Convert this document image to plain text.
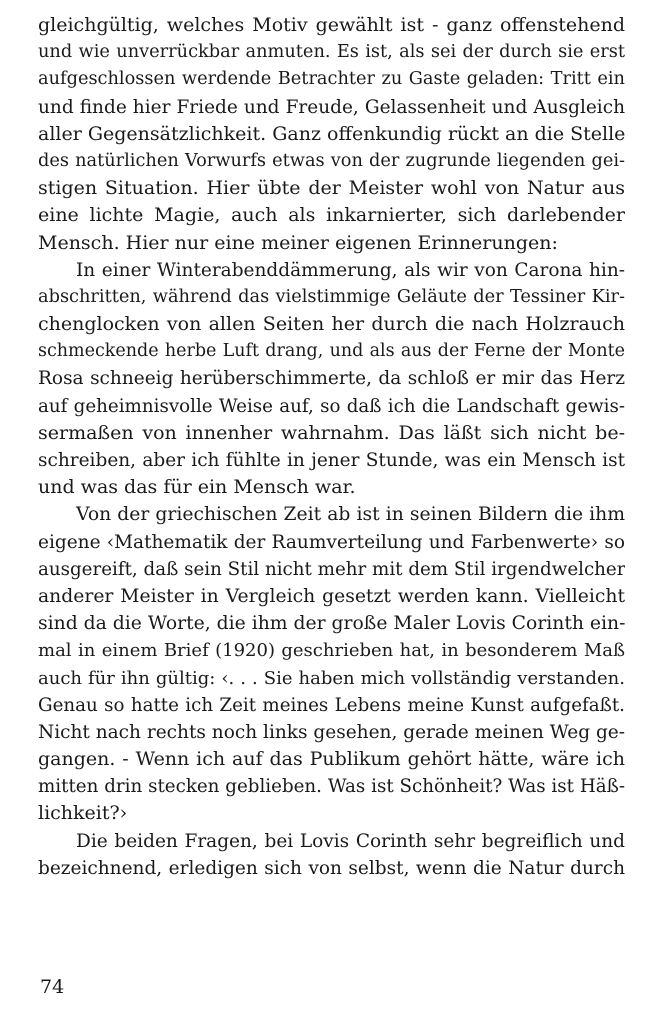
gleichgültig, welches Motiv gewählt ist - ganz offenstehend
und wie unverrückbar anmuten. Es ist, als sei der durch sie erst
aufgeschlossen werdende Betrachter zu Gaste geladen: Tritt ein
und finde hier Friede und Freude, Gelassenheit und Ausgleich
aller Gegensätzlichkeit. Ganz offenkundig rückt an die Stelle
des natürlichen Vorwurfs etwas von der zugrunde liegenden gei-
stigen Situation. Hier übte der Meister wohl von Natur aus
eine lichte Magie, auch als inkarnierter, sich darlebender
Mensch. Hier nur eine meiner eigenen Erinnerungen:
In einer Winterabenddämmerung, als wir von Carona hin-
abschritten, während das vielstimmige Geläute der Tessiner Kir-
chenglocken von allen Seiten her durch die nach Holzrauch
schmeckende herbe Luft drang, und als aus der Ferne der Monte
Rosa schneeig herüberschimmerte, da schloß er mir das Herz
auf geheimnisvolle Weise auf, so daß ich die Landschaft gewis-
sermaßen von innenher wahrnahm. Das läßt sich nicht be-
schreiben, aber ich fühlte in jener Stunde, was ein Mensch ist
und was das für ein Mensch war.
Von der griechischen Zeit ab ist in seinen Bildern die ihm
eigene ‹Mathematik der Raumverteilung und Farbenwerte› so
ausgereift, daß sein Stil nicht mehr mit dem Stil irgendwelcher
anderer Meister in Vergleich gesetzt werden kann. Vielleicht
sind da die Worte, die ihm der große Maler Lovis Corinth ein-
mal in einem Brief (1920) geschrieben hat, in besonderem Maß
auch für ihn gültig: ‹. . . Sie haben mich vollständig verstanden.
Genau so hatte ich Zeit meines Lebens meine Kunst aufgefaßt.
Nicht nach rechts noch links gesehen, gerade meinen Weg ge-
gangen. - Wenn ich auf das Publikum gehört hätte, wäre ich
mitten drin stecken geblieben. Was ist Schönheit? Was ist Häß-
lichkeit?›
Die beiden Fragen, bei Lovis Corinth sehr begreiflich und
bezeichnend, erledigen sich von selbst, wenn die Natur durch
74
